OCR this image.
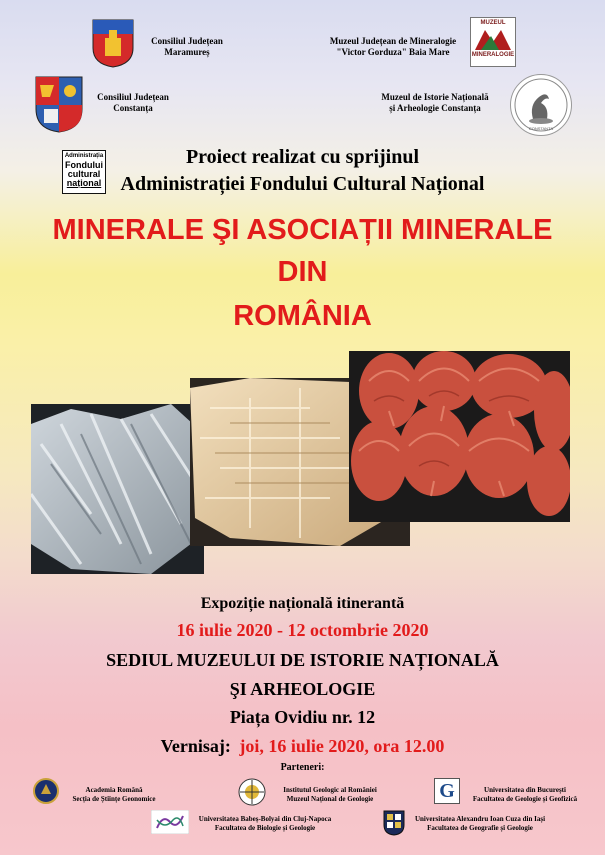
Consiliul Județean
Maramureș
Muzeul Județean de Mineralogie
"Victor Gorduza" Baia Mare
MUZEUL
MINERALOGIE
Consiliul Județean
Constanța
Muzeul de Istorie Națională
și Arheologie Constanța
CONSTANȚA
Administrația
Fondului
cultural
național
Proiect realizat cu sprijinul
Administrației Fondului Cultural Național
MINERALE ŞI ASOCIAȚII MINERALE
DIN
ROMÂNIA
Expoziție națională itinerantă
16 iulie 2020 - 12 octombrie 2020
SEDIUL MUZEULUI DE ISTORIE NAȚIONALĂ
ŞI ARHEOLOGIE
Piața Ovidiu nr. 12
Vernisaj: joi, 16 iulie 2020, ora 12.00
Parteneri:
Academia Română
Secția de Științe Geonomice
Institutul Geologic al României
Muzeul Național de Geologie	G	Universitatea din București
Facultatea de Geologie și Geofizică
Universitatea Babeș-Bolyai din Cluj-Napoca
Facultatea de Biologie și Geologie
Universitatea Alexandru Ioan Cuza din Iași
Facultatea de Geografie și Geologie
